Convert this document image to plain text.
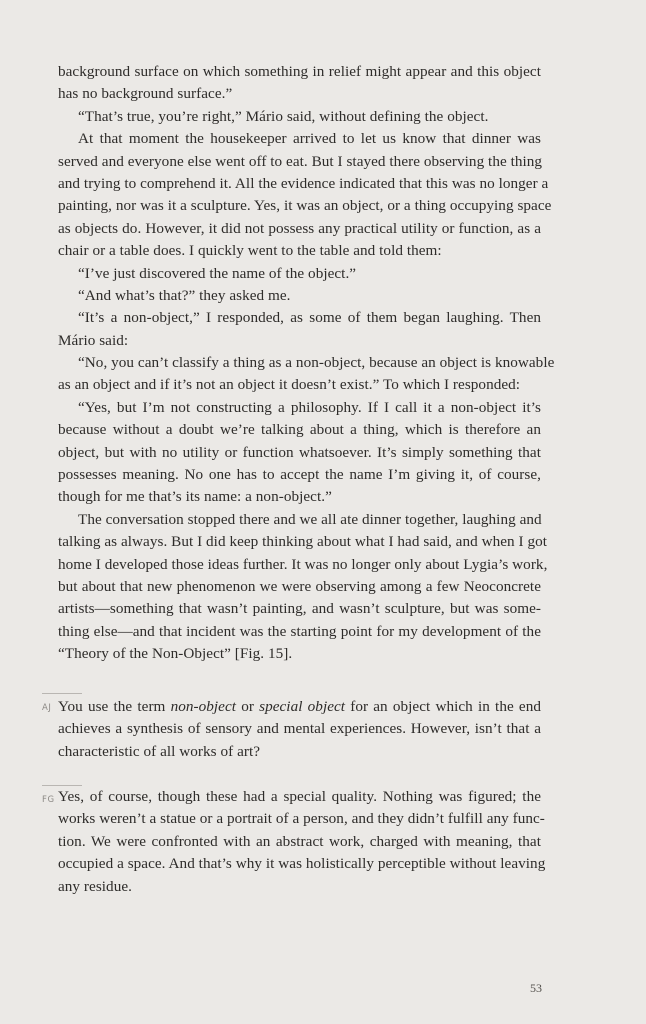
background surface on which something in relief might appear and this object
has no background surface.”
“That’s true, you’re right,” Mário said, without defining the object.
At that moment the housekeeper arrived to let us know that dinner was
served and everyone else went off to eat. But I stayed there observing the thing
and trying to comprehend it. All the evidence indicated that this was no longer a
painting, nor was it a sculpture. Yes, it was an object, or a thing occupying space
as objects do. However, it did not possess any practical utility or function, as a
chair or a table does. I quickly went to the table and told them:
“I’ve just discovered the name of the object.”
“And what’s that?” they asked me.
“It’s a non-object,” I responded, as some of them began laughing. Then
Mário said:
“No, you can’t classify a thing as a non-object, because an object is knowable
as an object and if it’s not an object it doesn’t exist.” To which I responded:
“Yes, but I’m not constructing a philosophy. If I call it a non-object it’s
because without a doubt we’re talking about a thing, which is therefore an
object, but with no utility or function whatsoever. It’s simply something that
possesses meaning. No one has to accept the name I’m giving it, of course,
though for me that’s its name: a non-object.”
The conversation stopped there and we all ate dinner together, laughing and
talking as always. But I did keep thinking about what I had said, and when I got
home I developed those ideas further. It was no longer only about Lygia’s work,
but about that new phenomenon we were observing among a few Neoconcrete
artists—something that wasn’t painting, and wasn’t sculpture, but was some-
thing else—and that incident was the starting point for my development of the
“Theory of the Non-Object” [Fig. 15].
AJ You use the term non-object or special object for an object which in the end
achieves a synthesis of sensory and mental experiences. However, isn’t that a
characteristic of all works of art?
FG Yes, of course, though these had a special quality. Nothing was figured; the
works weren’t a statue or a portrait of a person, and they didn’t fulfill any func-
tion. We were confronted with an abstract work, charged with meaning, that
occupied a space. And that’s why it was holistically perceptible without leaving
any residue.
53
